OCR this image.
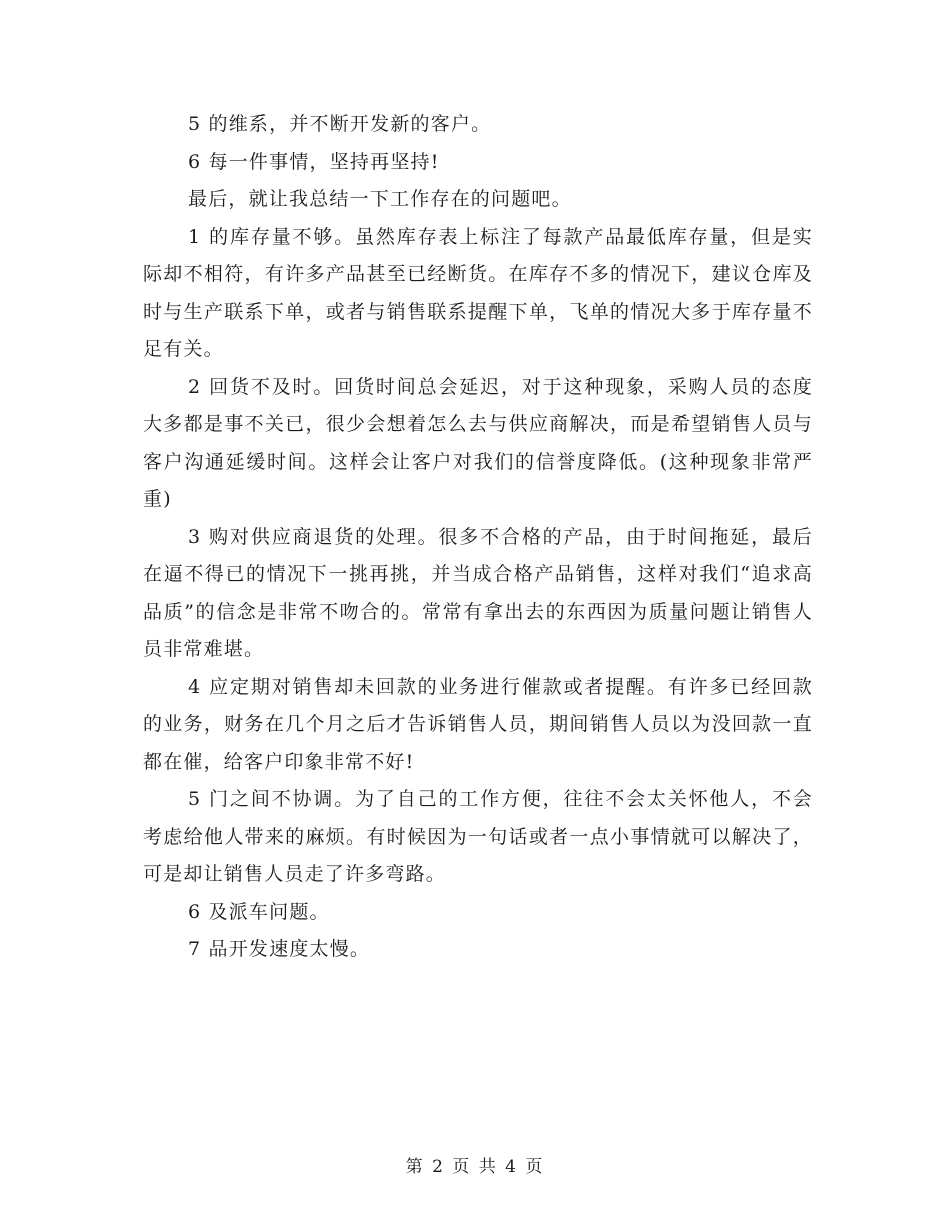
5 的维系，并不断开发新的客户。

6 每一件事情，坚持再坚持!

最后，就让我总结一下工作存在的问题吧。

1 的库存量不够。虽然库存表上标注了每款产品最低库存量，但是实际却不相符，有许多产品甚至已经断货。在库存不多的情况下，建议仓库及时与生产联系下单，或者与销售联系提醒下单，飞单的情况大多于库存量不足有关。

2 回货不及时。回货时间总会延迟，对于这种现象，采购人员的态度大多都是事不关已，很少会想着怎么去与供应商解决，而是希望销售人员与客户沟通延缓时间。这样会让客户对我们的信誉度降低。(这种现象非常严重)

3 购对供应商退货的处理。很多不合格的产品，由于时间拖延，最后在逼不得已的情况下一挑再挑，并当成合格产品销售，这样对我们“追求高品质”的信念是非常不吻合的。常常有拿出去的东西因为质量问题让销售人员非常难堪。

4 应定期对销售却未回款的业务进行催款或者提醒。有许多已经回款的业务，财务在几个月之后才告诉销售人员，期间销售人员以为没回款一直都在催，给客户印象非常不好!

5 门之间不协调。为了自己的工作方便，往往不会太关怀他人，不会考虑给他人带来的麻烦。有时候因为一句话或者一点小事情就可以解决了，可是却让销售人员走了许多弯路。

6 及派车问题。

7 品开发速度太慢。

第 2 页 共 4 页
